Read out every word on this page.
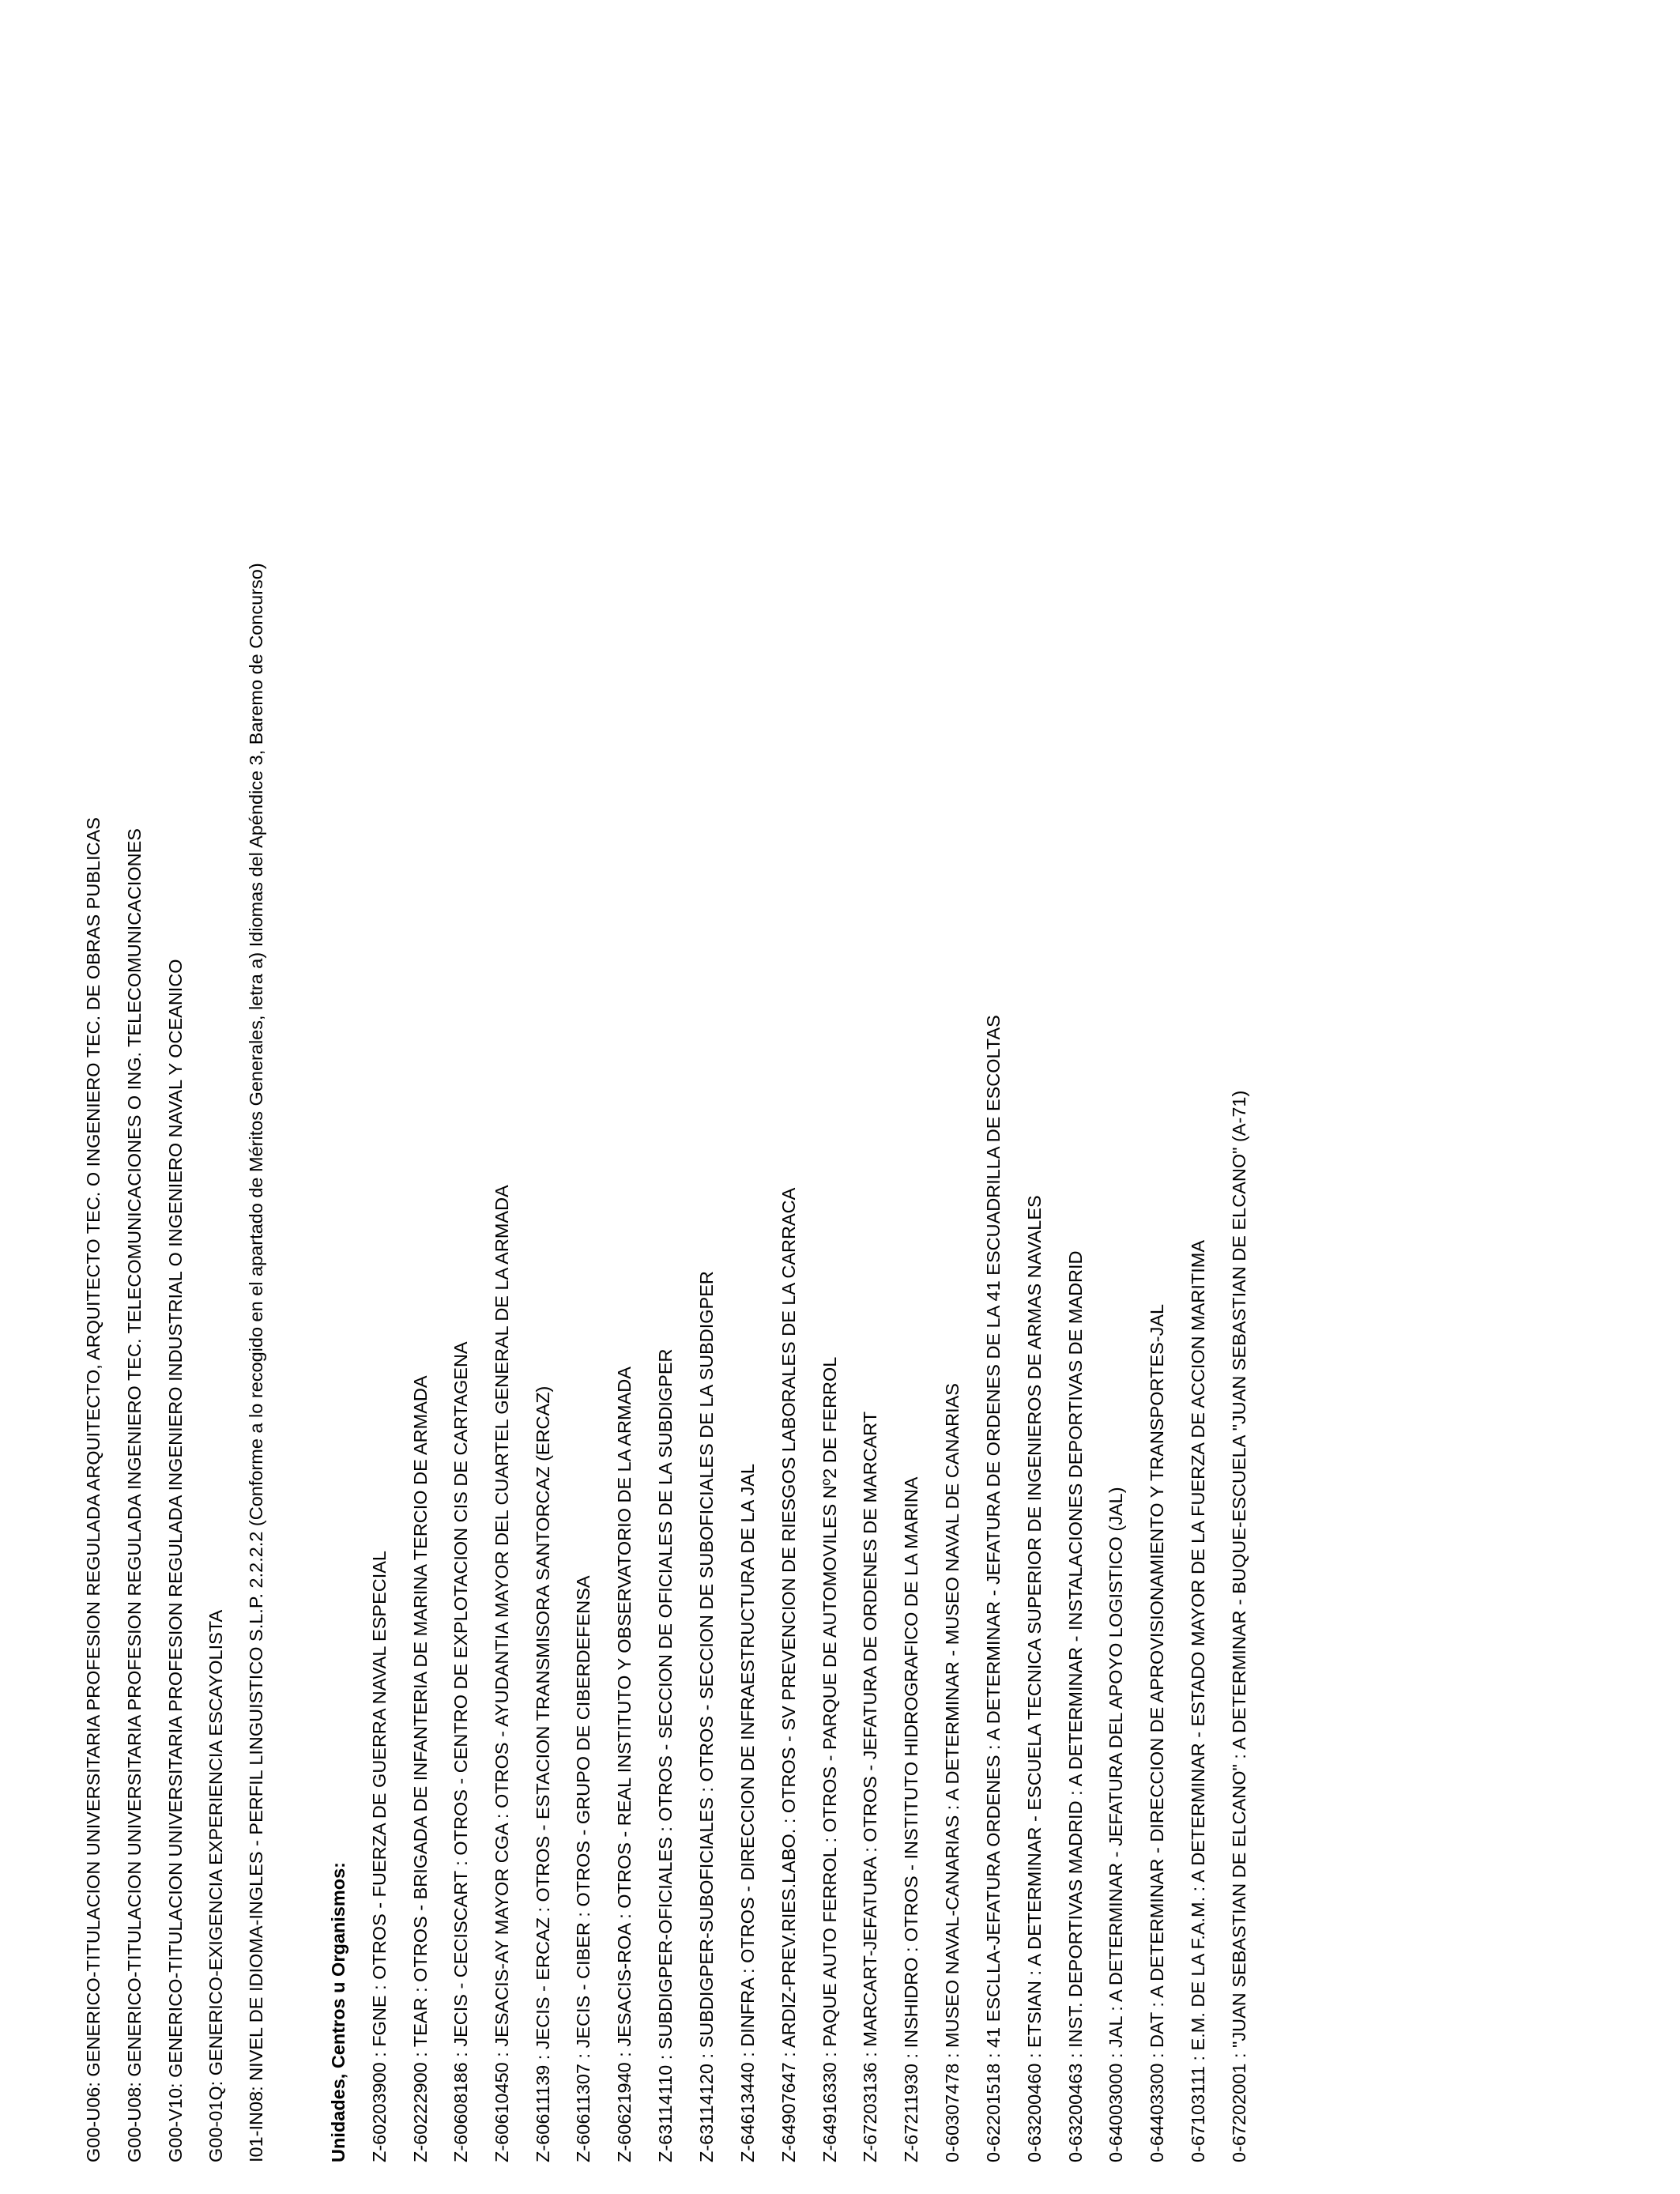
G00-U06: GENERICO-TITULACION UNIVERSITARIA PROFESION REGULADA ARQUITECTO, ARQUITECTO TEC. O INGENIERO TEC. DE OBRAS PUBLICAS G00-U08: GENERICO-TITULACION UNIVERSITARIA PROFESION REGULADA INGENIERO TEC. TELECOMUNICACIONES O ING. TELECOMUNICACIONES G00-V10: GENERICO-TITULACION UNIVERSITARIA PROFESION REGULADA INGENIERO INDUSTRIAL O INGENIERO NAVAL Y OCEANICO G00-01Q: GENERICO-EXIGENCIA EXPERIENCIA ESCAYOLISTA I01-IN08: NIVEL DE IDIOMA-INGLES - PERFIL LINGUISTICO S.L.P. 2.2.2.2 (Conforme a lo recogido en el apartado de Méritos Generales, letra a) Idiomas del Apéndice 3, Baremo de Concurso)	Unidades, Centros u Organismos: Z-60203900 : FGNE : OTROS - FUERZA DE GUERRA NAVAL ESPECIAL Z-60222900 : TEAR : OTROS - BRIGADA DE INFANTERIA DE MARINA TERCIO DE ARMADA Z-60608186 : JECIS - CECISCART : OTROS - CENTRO DE EXPLOTACION CIS DE CARTAGENA Z-60610450 : JESACIS-AY MAYOR CGA : OTROS - AYUDANTIA MAYOR DEL CUARTEL GENERAL DE LA ARMADA Z-60611139 : JECIS - ERCAZ : OTROS - ESTACION TRANSMISORA SANTORCAZ (ERCAZ) Z-60611307 : JECIS - CIBER : OTROS - GRUPO DE CIBERDEFENSA Z-60621940 : JESACIS-ROA : OTROS - REAL INSTITUTO Y OBSERVATORIO DE LA ARMADA Z-63114110 : SUBDIGPER-OFICIALES : OTROS - SECCION DE OFICIALES DE LA SUBDIGPER Z-63114120 : SUBDIGPER-SUBOFICIALES : OTROS - SECCION DE SUBOFICIALES DE LA SUBDIGPER Z-64613440 : DINFRA : OTROS - DIRECCION DE INFRAESTRUCTURA DE LA JAL Z-64907647 : ARDIZ-PREV.RIES.LABO. : OTROS - SV PREVENCION DE RIESGOS LABORALES DE LA CARRACA Z-64916330 : PAQUE AUTO FERROL : OTROS - PARQUE DE AUTOMOVILES Nº2 DE FERROL Z-67203136 : MARCART-JEFATURA : OTROS - JEFATURA DE ORDENES DE MARCART Z-67211930 : INSHIDRO : OTROS - INSTITUTO HIDROGRAFICO DE LA MARINA 0-60307478 : MUSEO NAVAL-CANARIAS : A DETERMINAR - MUSEO NAVAL DE CANARIAS 0-62201518 : 41 ESCLLA-JEFATURA ORDENES : A DETERMINAR - JEFATURA DE ORDENES DE LA 41 ESCUADRILLA DE ESCOLTAS 0-63200460 : ETSIAN : A DETERMINAR - ESCUELA TECNICA SUPERIOR DE INGENIEROS DE ARMAS NAVALES 0-63200463 : INST. DEPORTIVAS MADRID : A DETERMINAR - INSTALACIONES DEPORTIVAS DE MADRID 0-64003000 : JAL : A DETERMINAR - JEFATURA DEL APOYO LOGISTICO (JAL) 0-64403300 : DAT : A DETERMINAR - DIRECCION DE APROVISIONAMIENTO Y TRANSPORTES-JAL 0-67103111 : E.M. DE LA F.A.M. : A DETERMINAR - ESTADO MAYOR DE LA FUERZA DE ACCION MARITIMA 0-67202001 : "JUAN SEBASTIAN DE ELCANO" : A DETERMINAR - BUQUE-ESCUELA "JUAN SEBASTIAN DE ELCANO" (A-71)
